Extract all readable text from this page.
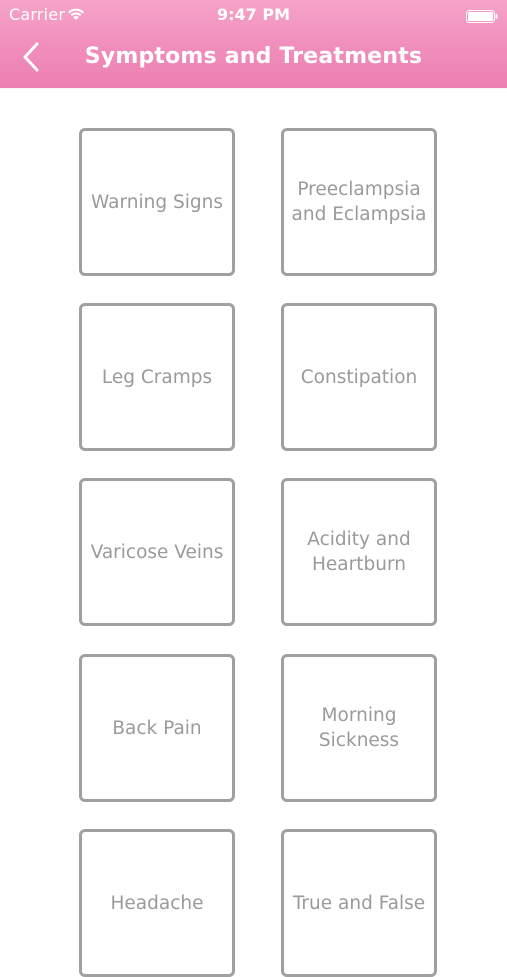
Carrier	9:47 PM
Symptoms and Treatments
Warning Signs
Preeclampsia and Eclampsia
Leg Cramps	Constipation
Varicose Veins
Acidity and Heartburn
Back Pain
Morning Sickness
Headache	True and False
